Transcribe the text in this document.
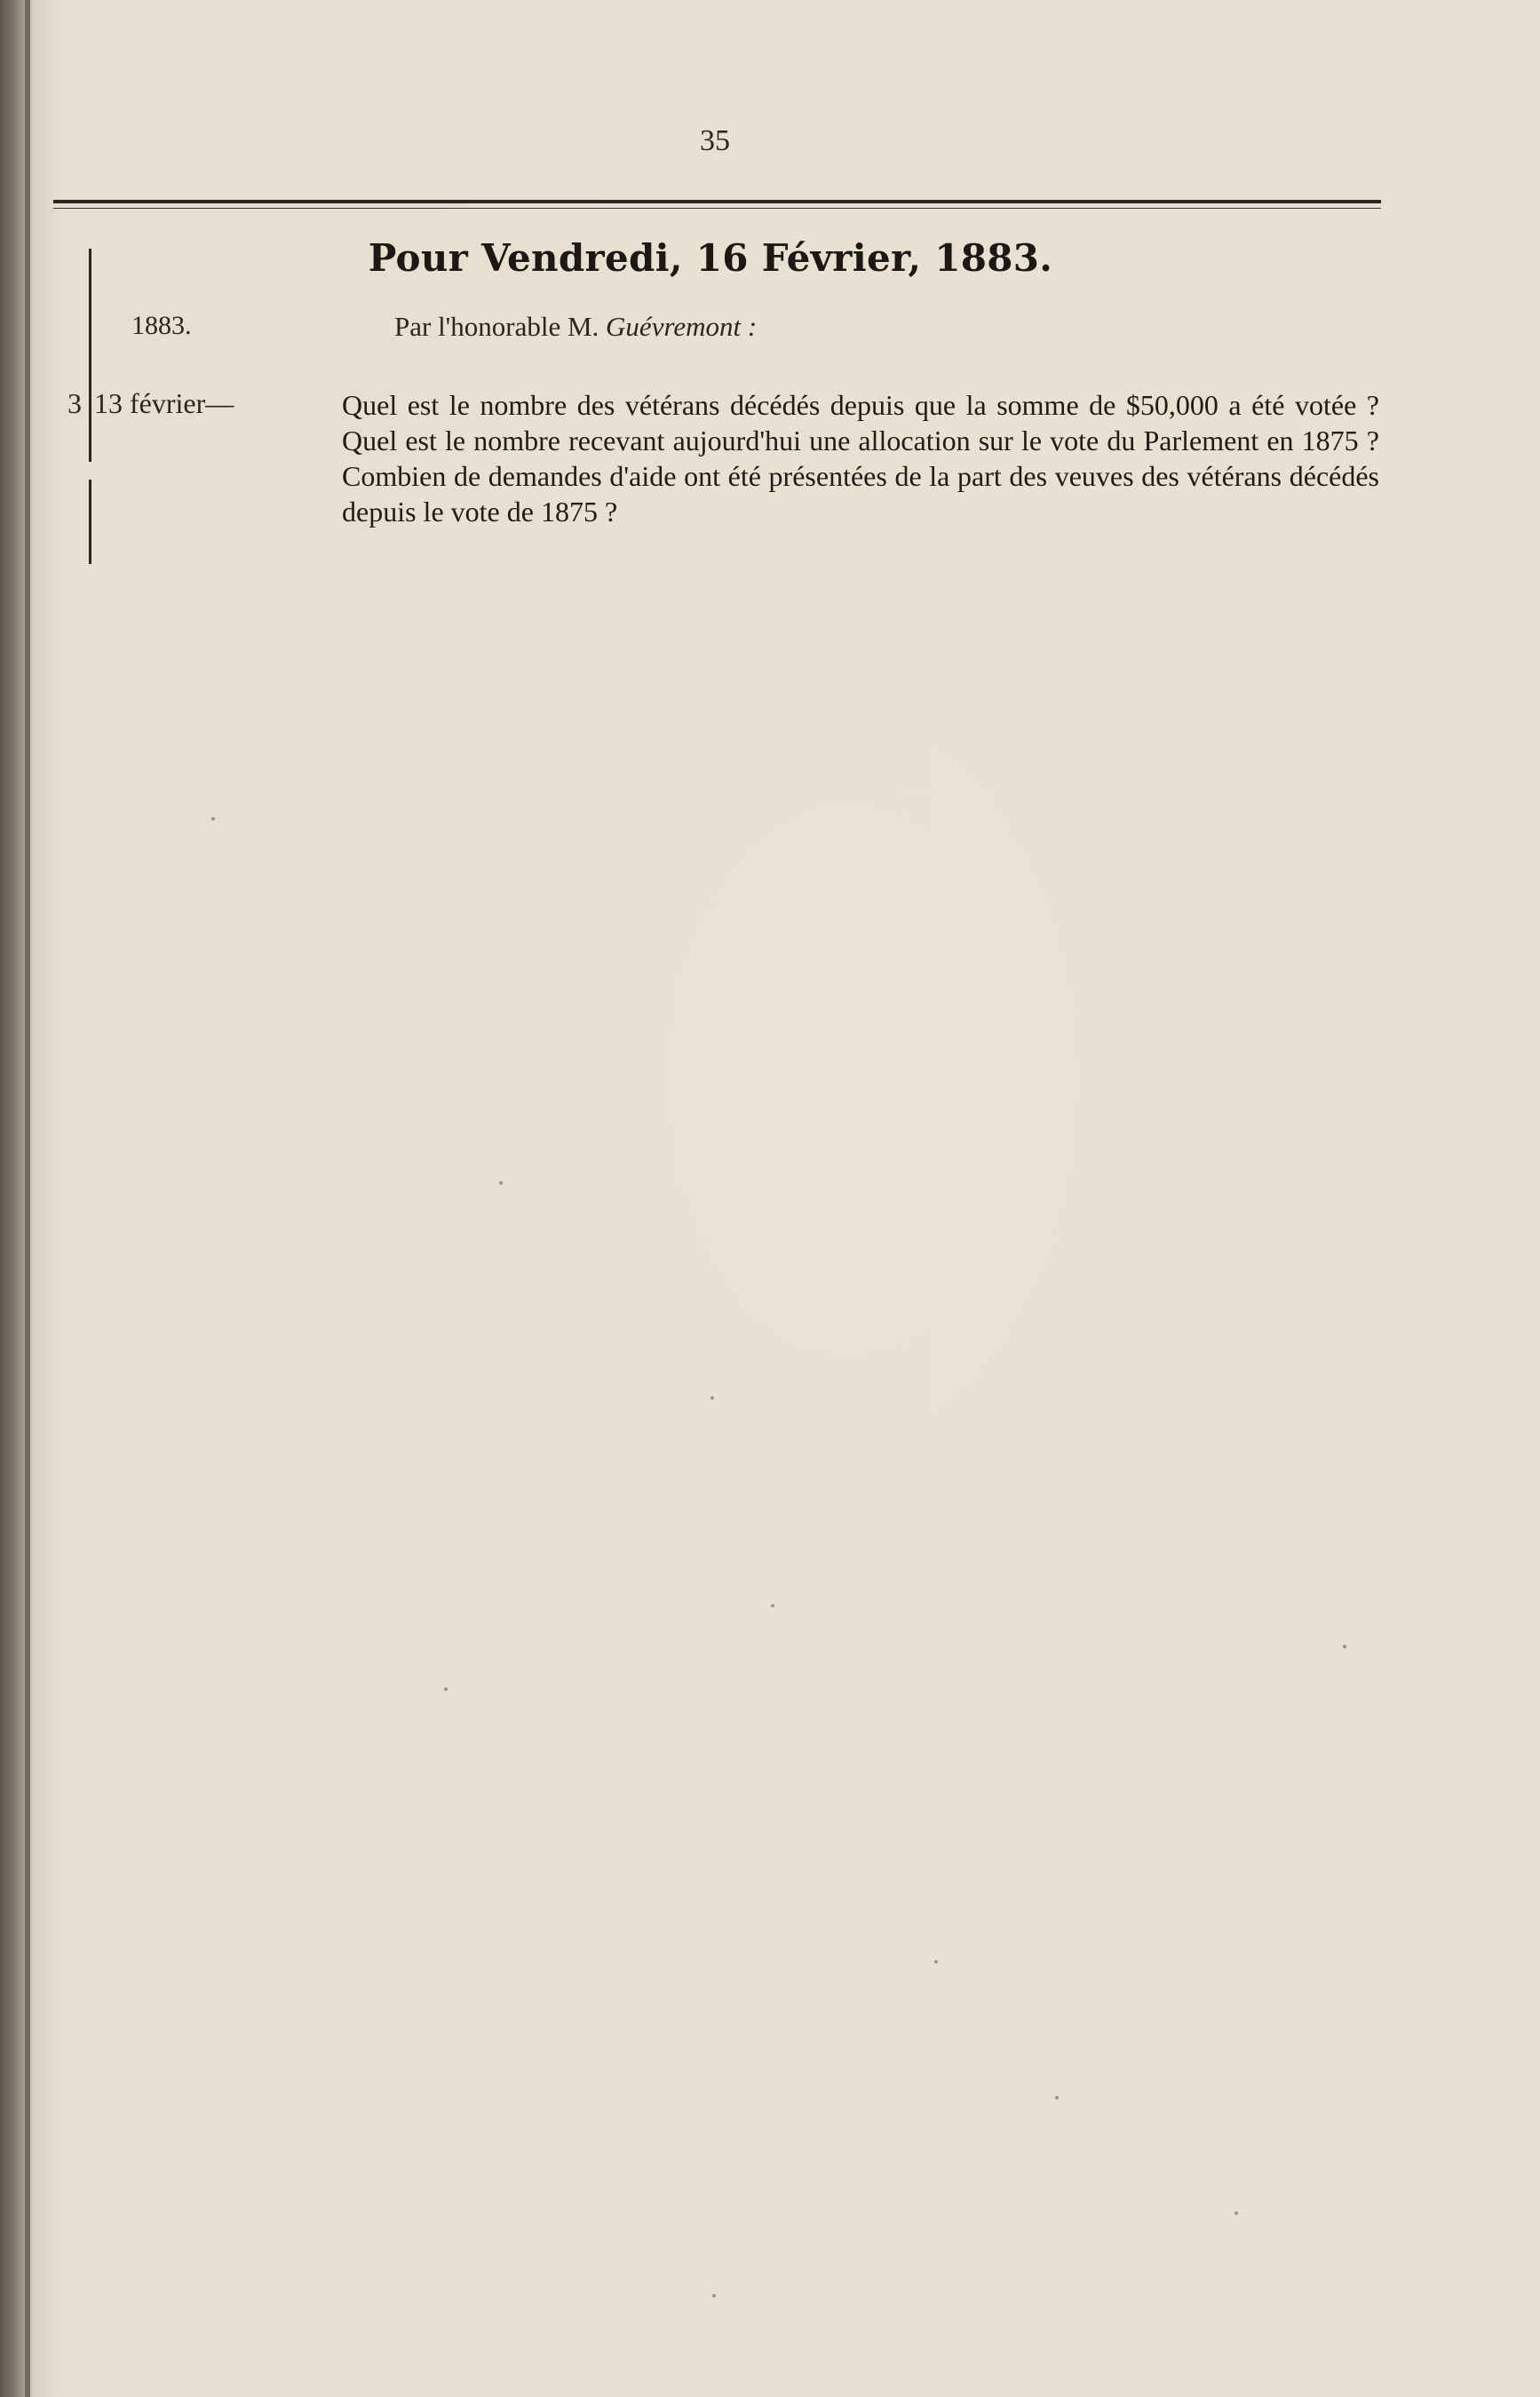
35
Pour Vendredi, 16 Février, 1883.
1883.	Par l'honorable M. Guévremont :
3 13 février—	Quel est le nombre des vétérans décédés depuis que la somme de $50,000 a été votée ? Quel est le nombre recevant aujourd'hui une allocation sur le vote du Parlement en 1875 ? Combien de demandes d'aide ont été présentées de la part des veuves des vétérans décédés depuis le vote de 1875 ?
